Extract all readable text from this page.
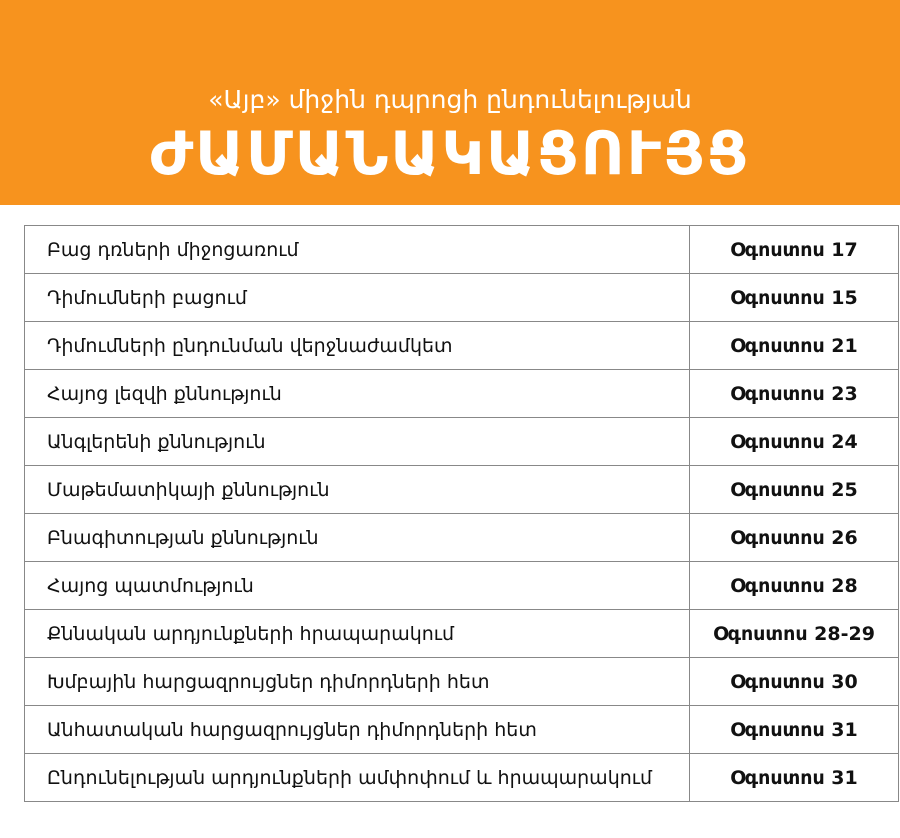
«Այբ» միջին դպրոցի ընդունելության
ԺԱՄԱՆԱԿԱՑՈՒՅՑ
Բաց դռների միջոցառում	Օգոստոս 17
Դիմումների բացում	Օգոստոս 15
Դիմումների ընդունման վերջնաժամկետ	Օգոստոս 21
Հայոց լեզվի քննություն	Օգոստոս 23
Անգլերենի քննություն	Օգոստոս 24
Մաթեմատիկայի քննություն	Օգոստոս 25
Բնագիտության քննություն	Օգոստոս 26
Հայոց պատմություն	Օգոստոս 28
Քննական արդյունքների հրապարակում	Օգոստոս 28-29
Խմբային հարցազրույցներ դիմորդների հետ	Օգոստոս 30
Անհատական հարցազրույցներ դիմորդների հետ	Օգոստոս 31
Ընդունելության արդյունքների ամփոփում և հրապարակում	Օգոստոս 31
